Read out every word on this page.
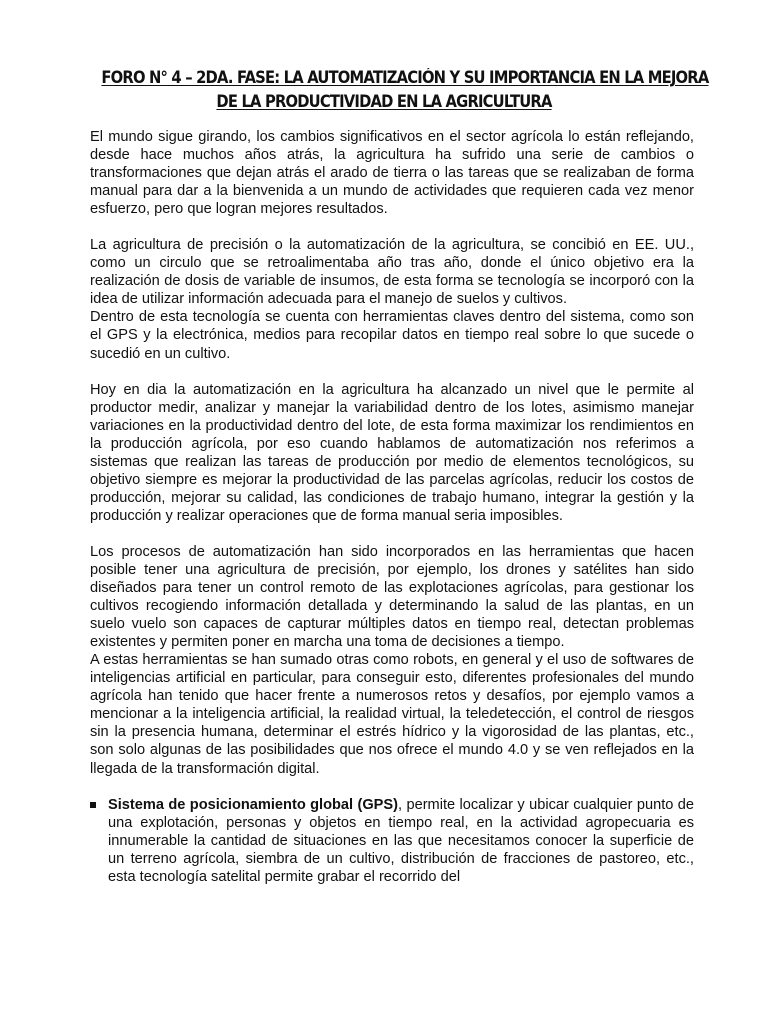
FORO N° 4 – 2DA. FASE: LA AUTOMATIZACIÓN Y SU IMPORTANCIA EN LA MEJORA
DE LA PRODUCTIVIDAD EN LA AGRICULTURA

El mundo sigue girando, los cambios significativos en el sector agrícola lo están reflejando, desde hace muchos años atrás, la agricultura ha sufrido una serie de cambios o transformaciones que dejan atrás el arado de tierra o las tareas que se realizaban de forma manual para dar a la bienvenida a un mundo de actividades que requieren cada vez menor esfuerzo, pero que logran mejores resultados.

La agricultura de precisión o la automatización de la agricultura, se concibió en EE. UU., como un circulo que se retroalimentaba año tras año, donde el único objetivo era la realización de dosis de variable de insumos, de esta forma se tecnología se incorporó con la idea de utilizar información adecuada para el manejo de suelos y cultivos.

Dentro de esta tecnología se cuenta con herramientas claves dentro del sistema, como son el GPS y la electrónica, medios para recopilar datos en tiempo real sobre lo que sucede o sucedió en un cultivo.

Hoy en dia la automatización en la agricultura ha alcanzado un nivel que le permite al productor medir, analizar y manejar la variabilidad dentro de los lotes, asimismo manejar variaciones en la productividad dentro del lote, de esta forma maximizar los rendimientos en la producción agrícola, por eso cuando hablamos de automatización nos referimos a sistemas que realizan las tareas de producción por medio de elementos tecnológicos, su objetivo siempre es mejorar la productividad de las parcelas agrícolas, reducir los costos de producción, mejorar su calidad, las condiciones de trabajo humano, integrar la gestión y la producción y realizar operaciones que de forma manual seria imposibles.

Los procesos de automatización han sido incorporados en las herramientas que hacen posible tener una agricultura de precisión, por ejemplo, los drones y satélites han sido diseñados para tener un control remoto de las explotaciones agrícolas, para gestionar los cultivos recogiendo información detallada y determinando la salud de las plantas, en un suelo vuelo son capaces de capturar múltiples datos en tiempo real, detectan problemas existentes y permiten poner en marcha una toma de decisiones a tiempo.

A estas herramientas se han sumado otras como robots, en general y el uso de softwares de inteligencias artificial en particular, para conseguir esto, diferentes profesionales del mundo agrícola han tenido que hacer frente a numerosos retos y desafíos, por ejemplo vamos a mencionar a la inteligencia artificial, la realidad virtual, la teledetección, el control de riesgos sin la presencia humana, determinar el estrés hídrico y la vigorosidad de las plantas, etc., son solo algunas de las posibilidades que nos ofrece el mundo 4.0 y se ven reflejados en la llegada de la transformación digital.

Sistema de posicionamiento global (GPS), permite localizar y ubicar cualquier punto de una explotación, personas y objetos en tiempo real, en la actividad agropecuaria es innumerable la cantidad de situaciones en las que necesitamos conocer la superficie de un terreno agrícola, siembra de un cultivo, distribución de fracciones de pastoreo, etc., esta tecnología satelital permite grabar el recorrido del
